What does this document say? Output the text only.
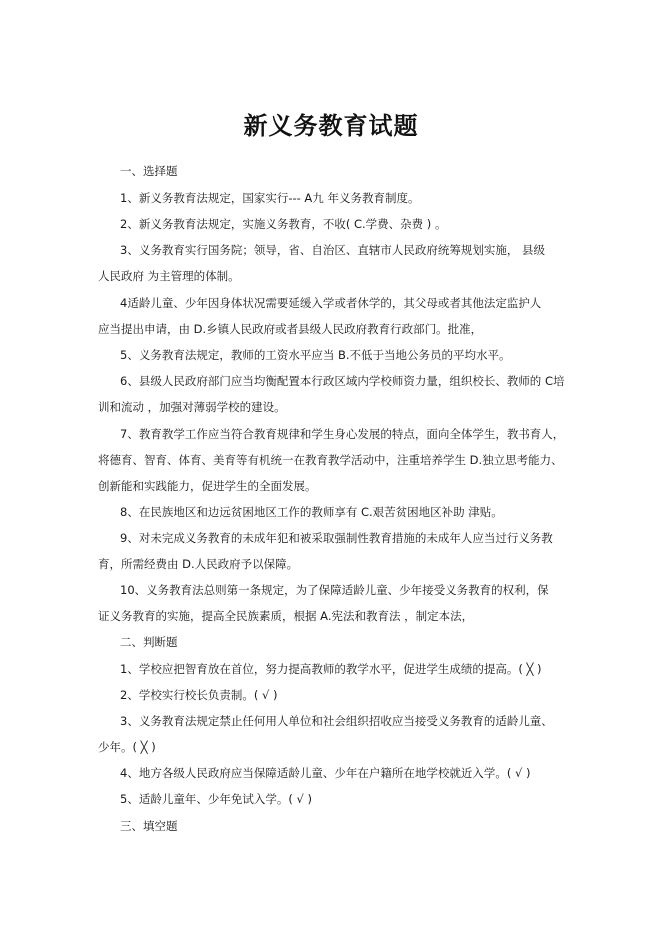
新义务教育试题
一、选择题
1、新义务教育法规定，国家实行--- A九 年义务教育制度。
2、新义务教育法规定，实施义务教育，不收( C.学费、杂费 ) 。
3、义务教育实行国务院；领导，省、自治区、直辖市人民政府统筹规划实施， 县级
人民政府 为主管理的体制。
4适龄儿童、少年因身体状况需要延缓入学或者休学的，其父母或者其他法定监护人
应当提出申请，由 D.乡镇人民政府或者县级人民政府教育行政部门。批准，
5、义务教育法规定，教师的工资水平应当 B.不低于当地公务员的平均水平。
6、县级人民政府部门应当均衡配置本行政区域内学校师资力量，组织校长、教师的 C培
训和流动 ，加强对薄弱学校的建设。
7、教育教学工作应当符合教育规律和学生身心发展的特点，面向全体学生，教书育人，
将德育、智育、体育、美育等有机统一在教育教学活动中，注重培养学生 D.独立思考能力、
创新能和实践能力，促进学生的全面发展。
8、在民族地区和边远贫困地区工作的教师享有 C.艰苦贫困地区补助 津贴。
9、对未完成义务教育的未成年犯和被采取强制性教育措施的未成年人应当过行义务教
育，所需经费由 D.人民政府予以保障。
10、义务教育法总则第一条规定，为了保障适龄儿童、少年接受义务教育的权利，保
证义务教育的实施，提高全民族素质，根据 A.宪法和教育法 ，制定本法，
二、判断题
1、学校应把智育放在首位，努力提高教师的教学水平，促进学生成绩的提高。( ╳ )
2、学校实行校长负责制。( √ )
3、义务教育法规定禁止任何用人单位和社会组织招收应当接受义务教育的适龄儿童、
少年。( ╳ )
4、地方各级人民政府应当保障适龄儿童、少年在户籍所在地学校就近入学。( √ )
5、适龄儿童年、少年免试入学。( √ )
三、填空题
